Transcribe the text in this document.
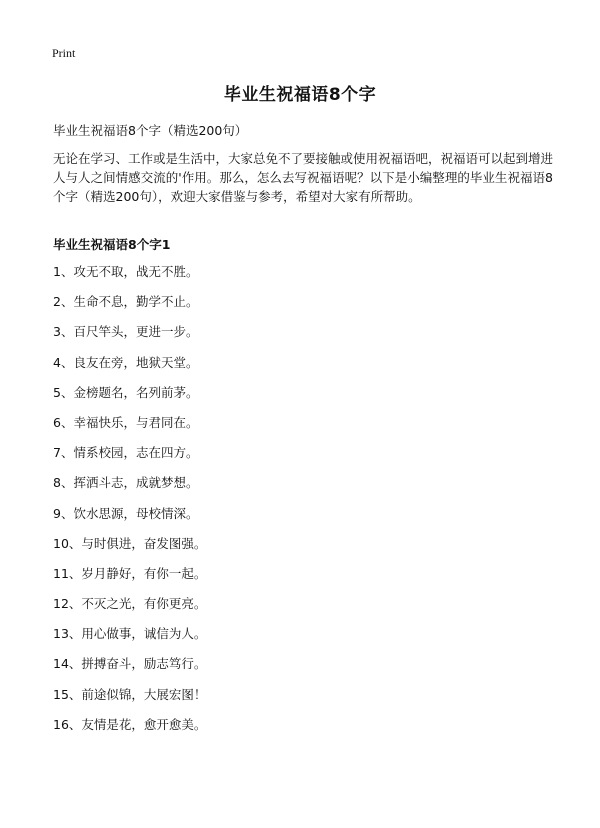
Print
毕业生祝福语8个字
毕业生祝福语8个字（精选200句）
无论在学习、工作或是生活中，大家总免不了要接触或使用祝福语吧，祝福语可以起到增进人与人之间情感交流的'作用。那么，怎么去写祝福语呢？以下是小编整理的毕业生祝福语8个字（精选200句），欢迎大家借鉴与参考，希望对大家有所帮助。
毕业生祝福语8个字1
1、攻无不取，战无不胜。
2、生命不息，勤学不止。
3、百尺竿头，更进一步。
4、良友在旁，地狱天堂。
5、金榜题名，名列前茅。
6、幸福快乐，与君同在。
7、情系校园，志在四方。
8、挥洒斗志，成就梦想。
9、饮水思源，母校情深。
10、与时俱进，奋发图强。
11、岁月静好，有你一起。
12、不灭之光，有你更亮。
13、用心做事，诚信为人。
14、拼搏奋斗，励志笃行。
15、前途似锦，大展宏图！
16、友情是花，愈开愈美。
